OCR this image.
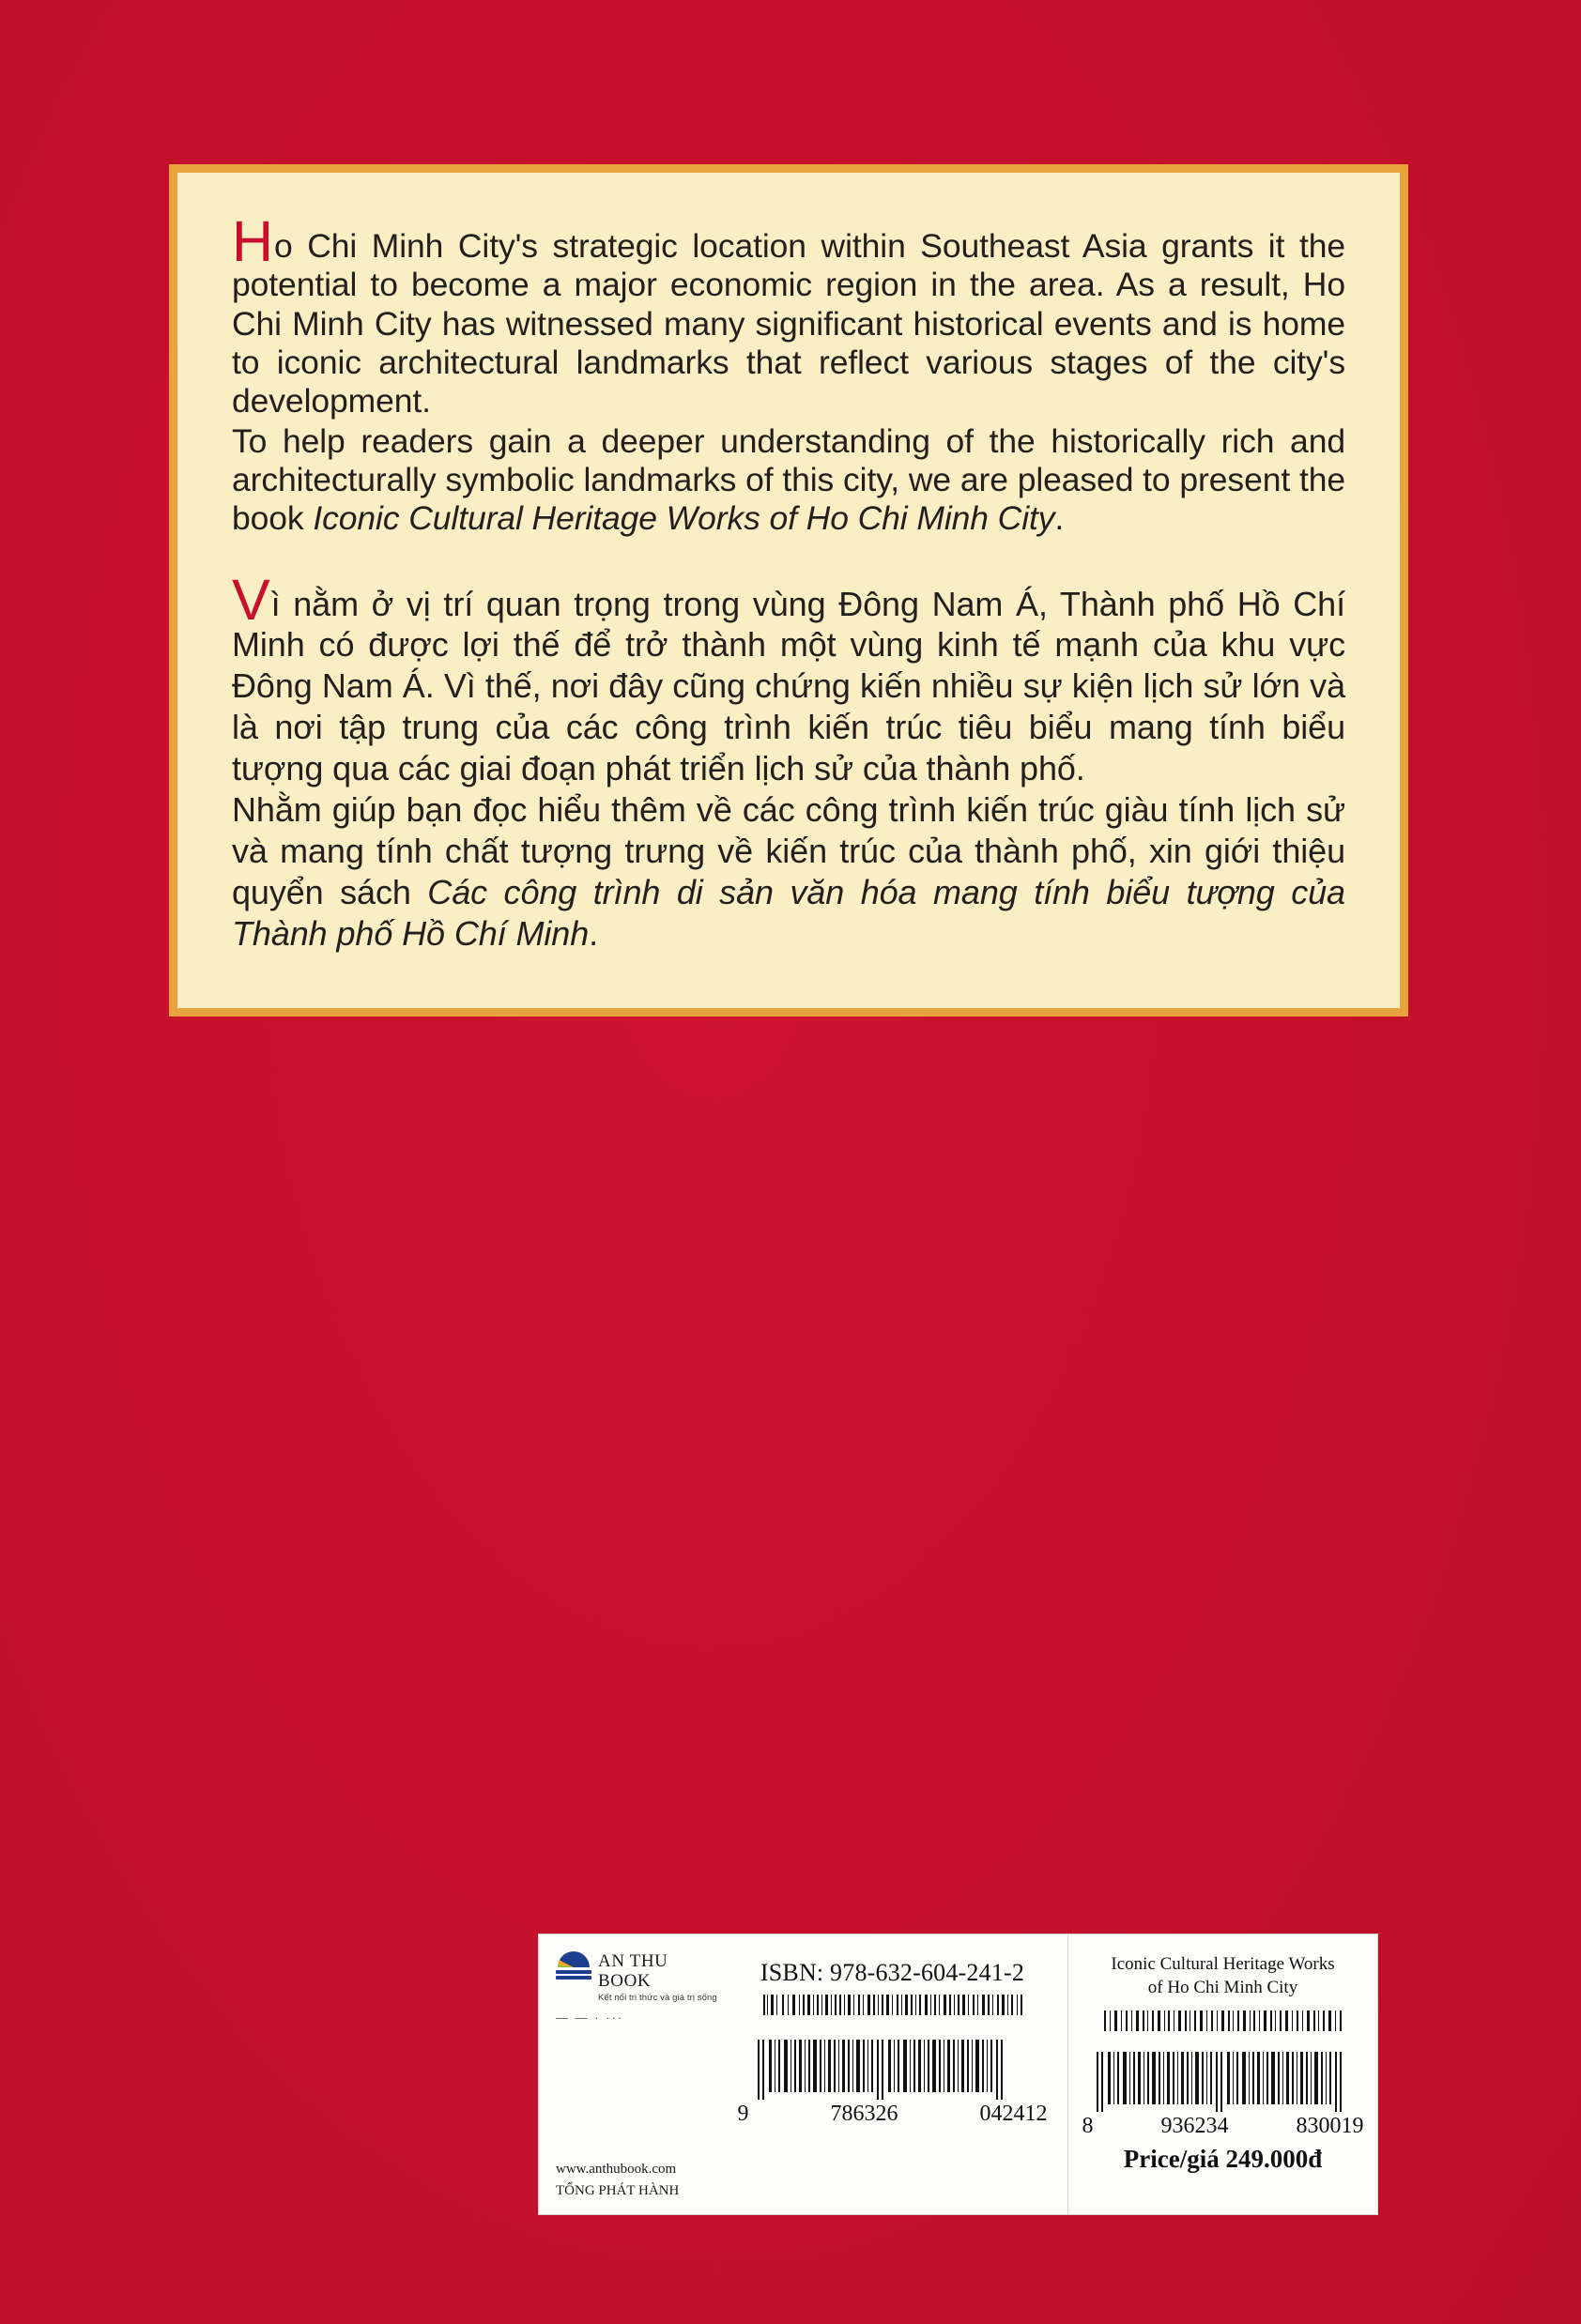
Ho Chi Minh City's strategic location within Southeast Asia grants it the potential to become a major economic region in the area. As a result, Ho Chi Minh City has witnessed many significant historical events and is home to iconic architectural landmarks that reflect various stages of the city's development.

To help readers gain a deeper understanding of the historically rich and architecturally symbolic landmarks of this city, we are pleased to present the book Iconic Cultural Heritage Works of Ho Chi Minh City.

Vì nằm ở vị trí quan trọng trong vùng Đông Nam Á, Thành phố Hồ Chí Minh có được lợi thế để trở thành một vùng kinh tế mạnh của khu vực Đông Nam Á. Vì thế, nơi đây cũng chứng kiến nhiều sự kiện lịch sử lớn và là nơi tập trung của các công trình kiến trúc tiêu biểu mang tính biểu tượng qua các giai đoạn phát triển lịch sử của thành phố.

Nhằm giúp bạn đọc hiểu thêm về các công trình kiến trúc giàu tính lịch sử và mang tính chất tượng trưng về kiến trúc của thành phố, xin giới thiệu quyển sách Các công trình di sản văn hóa mang tính biểu tượng của Thành phố Hồ Chí Minh.

AN THU BOOK
Kết nối tri thức và giá trị sống
— — · ···
www.anthubook.com
TỔNG PHÁT HÀNH
ISBN: 978-632-604-241-2
9	786326	042412
Iconic Cultural Heritage Works
of Ho Chi Minh City
8	936234	830019
Price/giá 249.000đ
